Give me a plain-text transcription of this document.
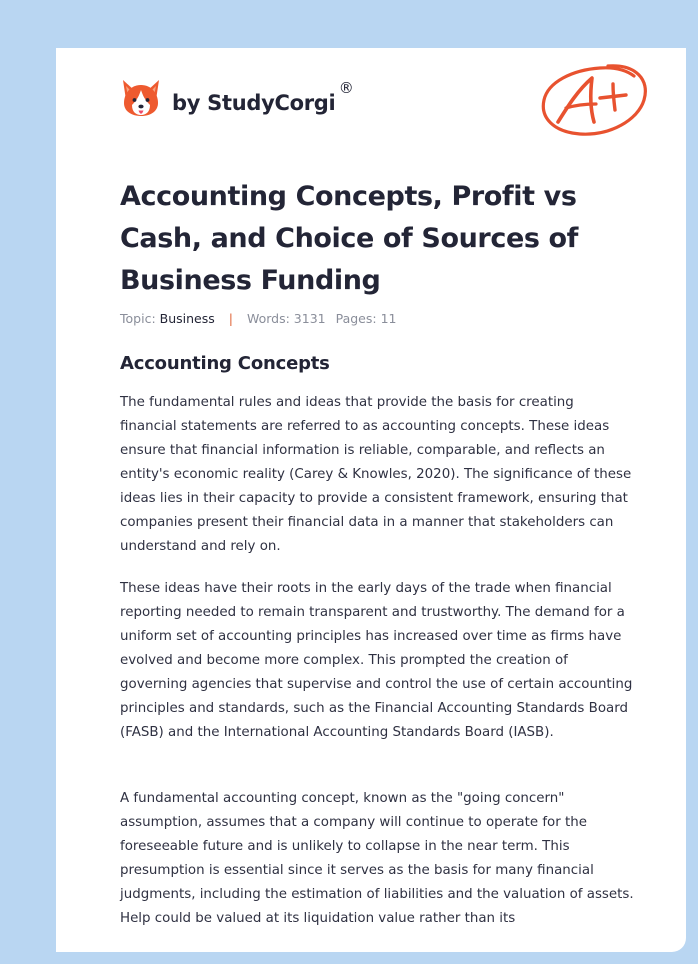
by StudyCorgi
®
Accounting Concepts, Profit vs Cash, and Choice of Sources of Business Funding
Topic: Business | Words: 3131 Pages: 11
Accounting Concepts

The fundamental rules and ideas that provide the basis for creating financial statements are referred to as accounting concepts. These ideas ensure that financial information is reliable, comparable, and reflects an entity's economic reality (Carey & Knowles, 2020). The significance of these ideas lies in their capacity to provide a consistent framework, ensuring that companies present their financial data in a manner that stakeholders can understand and rely on.

These ideas have their roots in the early days of the trade when financial reporting needed to remain transparent and trustworthy. The demand for a uniform set of accounting principles has increased over time as firms have evolved and become more complex. This prompted the creation of governing agencies that supervise and control the use of certain accounting principles and standards, such as the Financial Accounting Standards Board (FASB) and the International Accounting Standards Board (IASB).

A fundamental accounting concept, known as the "going concern" assumption, assumes that a company will continue to operate for the foreseeable future and is unlikely to collapse in the near term. This presumption is essential since it serves as the basis for many financial judgments, including the estimation of liabilities and the valuation of assets. Help could be valued at its liquidation value rather than its
